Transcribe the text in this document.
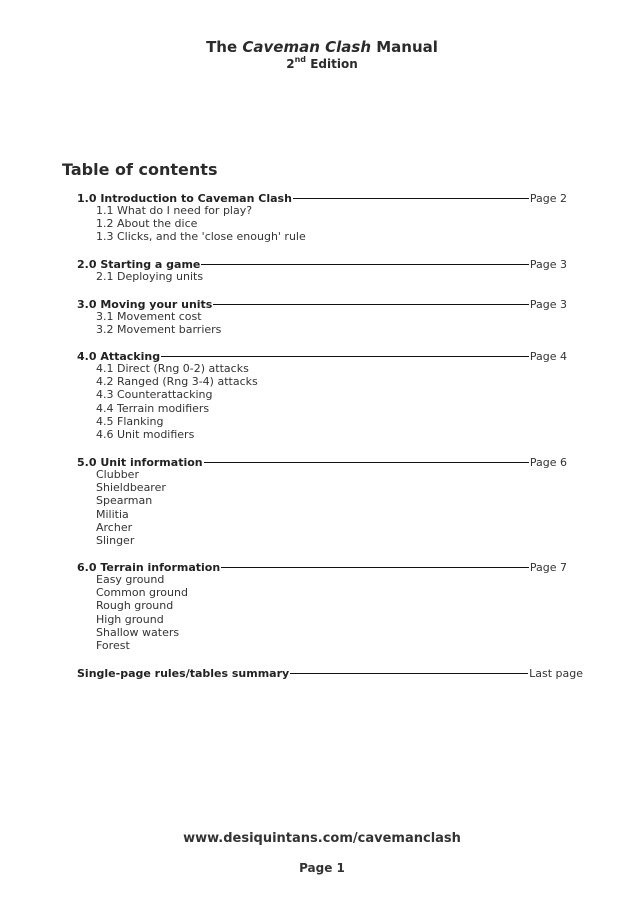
The Caveman Clash Manual
2nd Edition
Table of contents
1.0 Introduction to Caveman Clash	Page 2
1.1 What do I need for play?
1.2 About the dice
1.3 Clicks, and the 'close enough' rule
2.0 Starting a game	Page 3
2.1 Deploying units
3.0 Moving your units	Page 3
3.1 Movement cost
3.2 Movement barriers
4.0 Attacking	Page 4
4.1 Direct (Rng 0-2) attacks
4.2 Ranged (Rng 3-4) attacks
4.3 Counterattacking
4.4 Terrain modifiers
4.5 Flanking
4.6 Unit modifiers
5.0 Unit information	Page 6
Clubber
Shieldbearer
Spearman
Militia
Archer
Slinger
6.0 Terrain information	Page 7
Easy ground
Common ground
Rough ground
High ground
Shallow waters
Forest
Single-page rules/tables summary	Last page
www.desiquintans.com/cavemanclash
Page 1
